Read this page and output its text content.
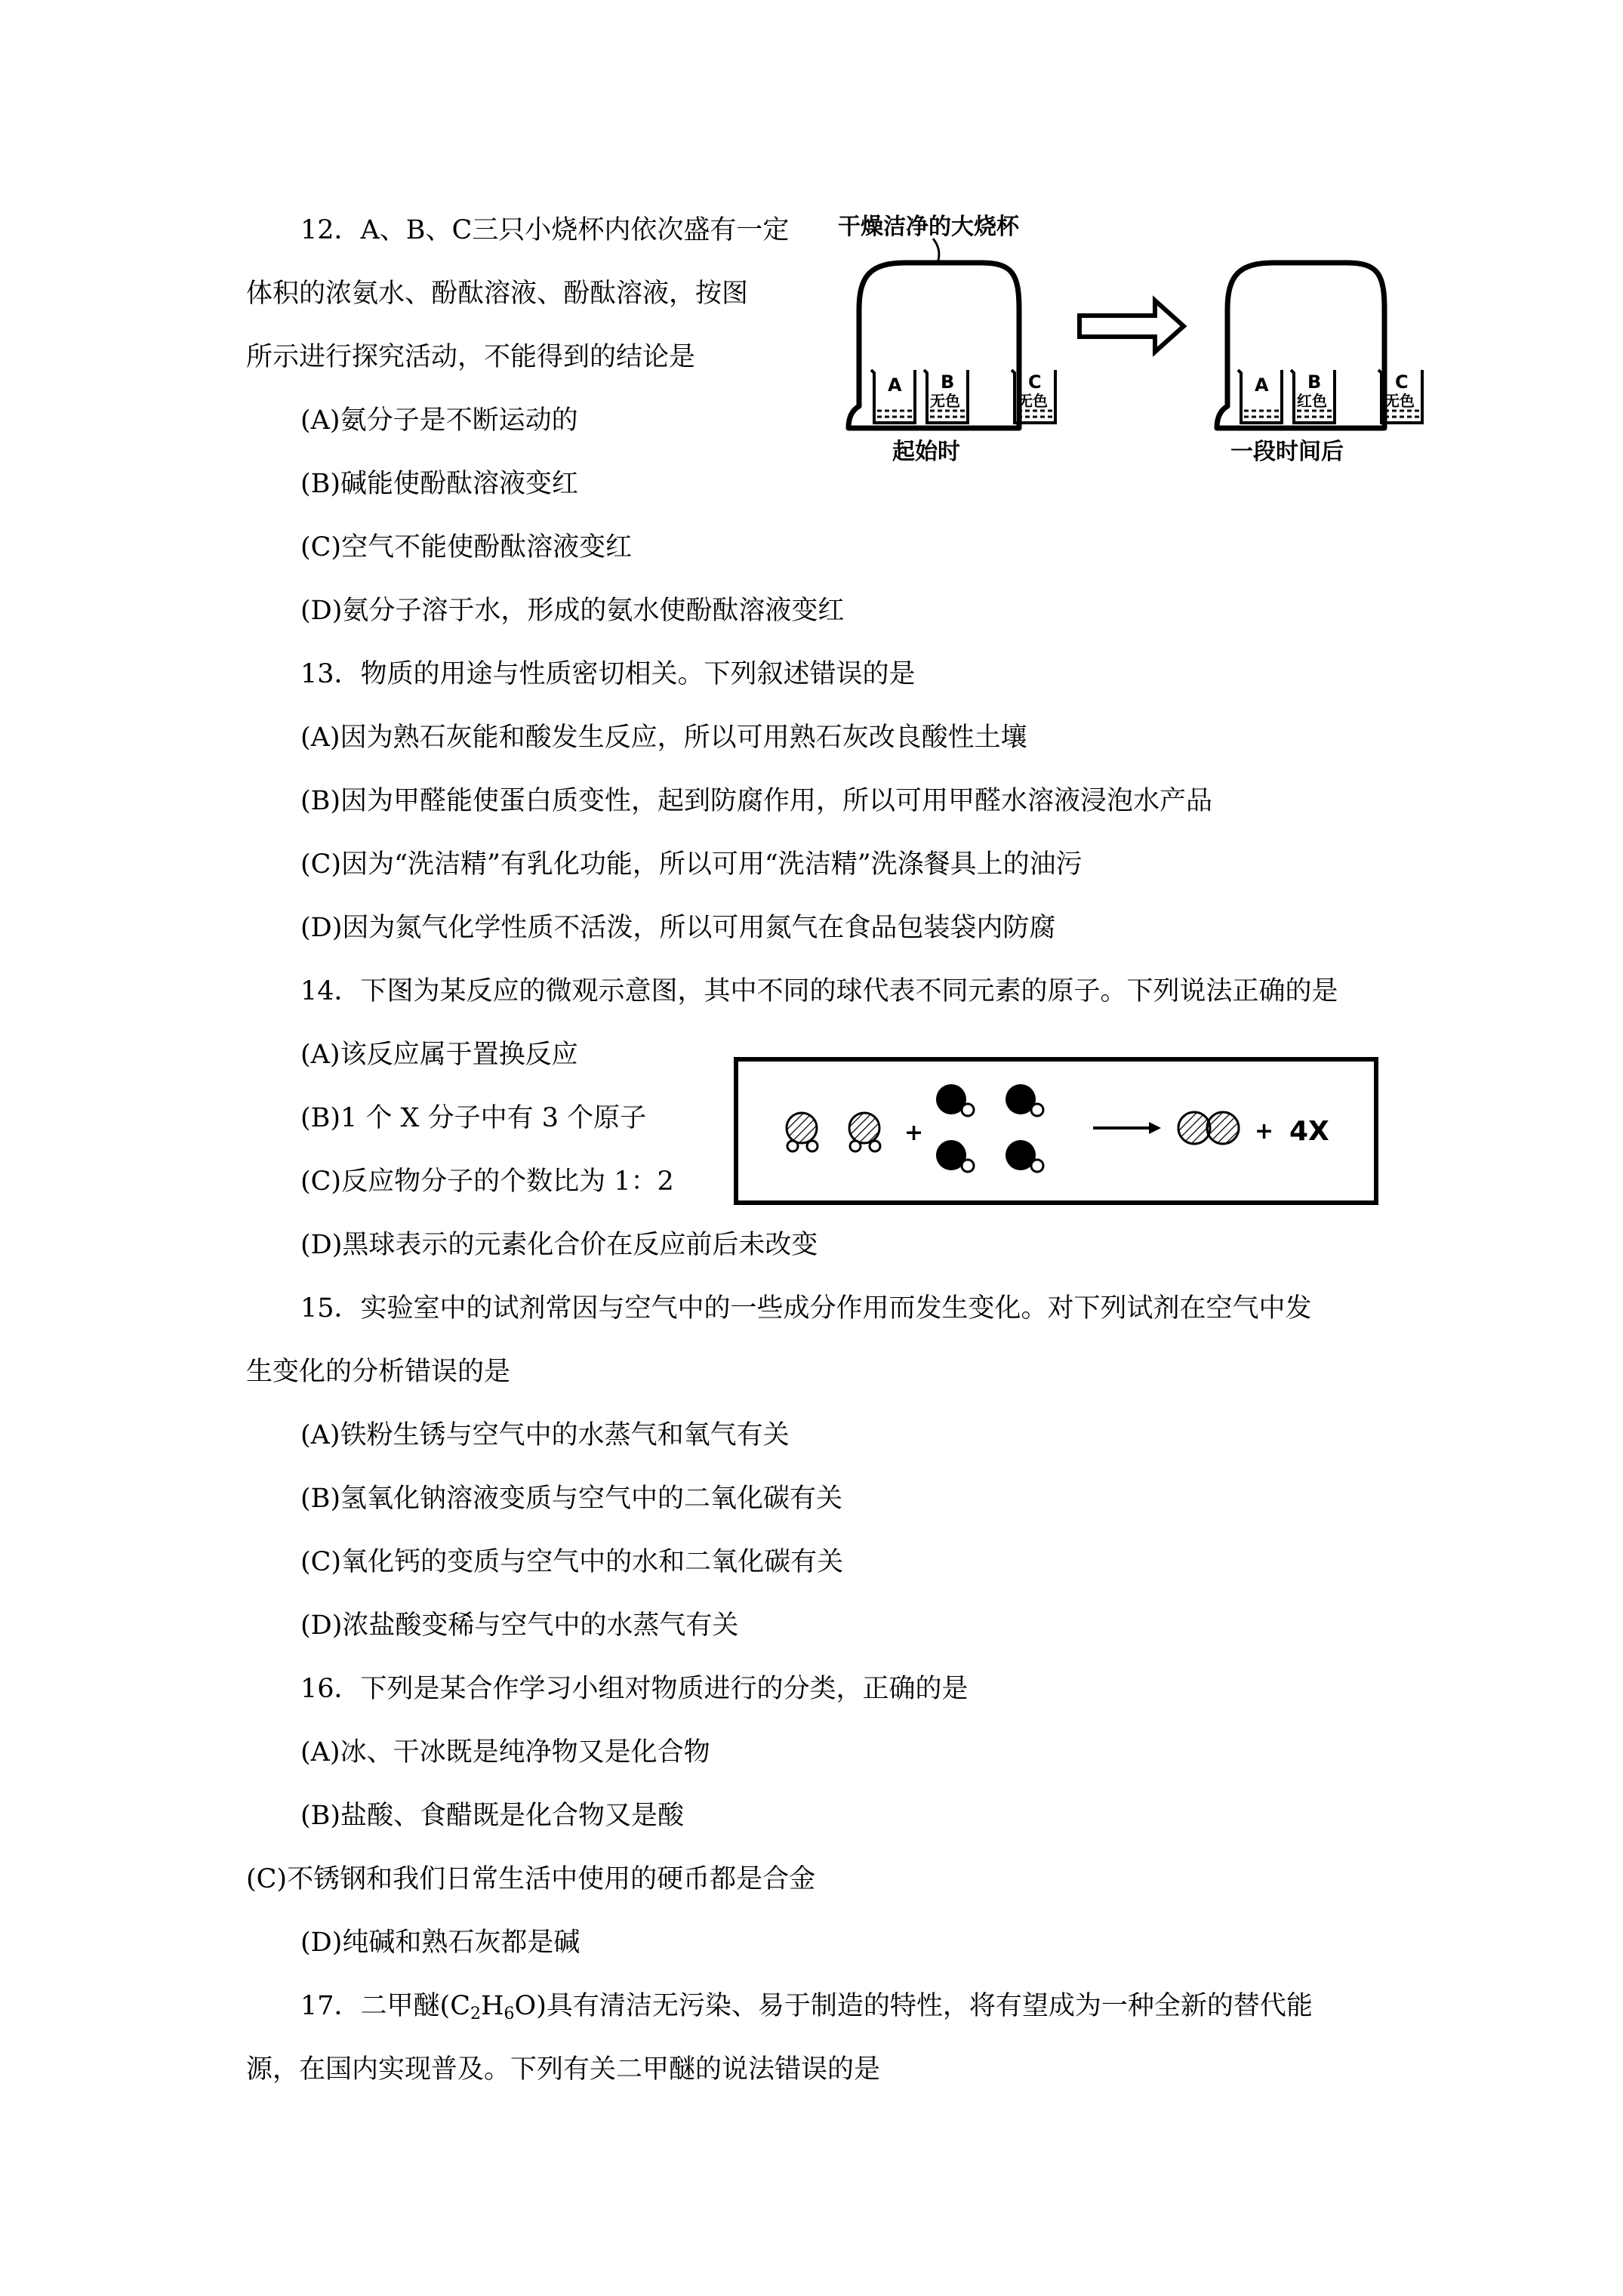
12．A、B、C三只小烧杯内依次盛有一定
体积的浓氨水、酚酞溶液、酚酞溶液，按图
所示进行探究活动，不能得到的结论是
(A)氨分子是不断运动的
(B)碱能使酚酞溶液变红
(C)空气不能使酚酞溶液变红
(D)氨分子溶于水，形成的氨水使酚酞溶液变红
干燥洁净的大烧杯
A B
无色
C
无色
A B
红色
C
无色
起始时	一段时间后
13．物质的用途与性质密切相关。下列叙述错误的是
(A)因为熟石灰能和酸发生反应，所以可用熟石灰改良酸性土壤
(B)因为甲醛能使蛋白质变性，起到防腐作用，所以可用甲醛水溶液浸泡水产品
(C)因为“洗洁精”有乳化功能，所以可用“洗洁精”洗涤餐具上的油污
(D)因为氮气化学性质不活泼，所以可用氮气在食品包装袋内防腐
14．下图为某反应的微观示意图，其中不同的球代表不同元素的原子。下列说法正确的是
(A)该反应属于置换反应
(B)1 个 X 分子中有 3 个原子
(C)反应物分子的个数比为 1：2
(D)黑球表示的元素化合价在反应前后未改变
+	+ 4X
15．实验室中的试剂常因与空气中的一些成分作用而发生变化。对下列试剂在空气中发
生变化的分析错误的是
(A)铁粉生锈与空气中的水蒸气和氧气有关
(B)氢氧化钠溶液变质与空气中的二氧化碳有关
(C)氧化钙的变质与空气中的水和二氧化碳有关
(D)浓盐酸变稀与空气中的水蒸气有关
16．下列是某合作学习小组对物质进行的分类，正确的是
(A)冰、干冰既是纯净物又是化合物
(B)盐酸、食醋既是化合物又是酸
(C)不锈钢和我们日常生活中使用的硬币都是合金
(D)纯碱和熟石灰都是碱
17．二甲醚$(C_2H_6O)$具有清洁无污染、易于制造的特性，将有望成为一种全新的替代能
源，在国内实现普及。下列有关二甲醚的说法错误的是
